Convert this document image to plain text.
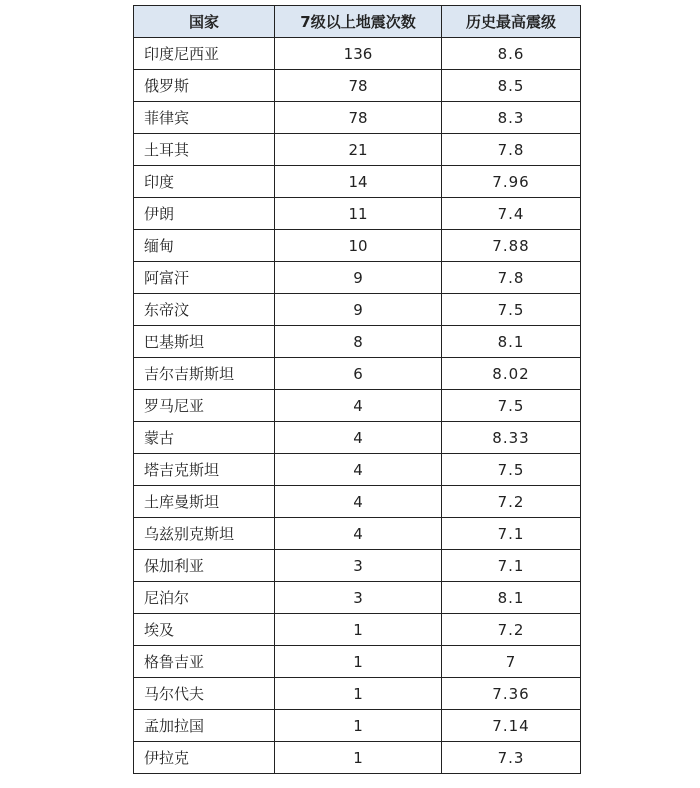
国家	7级以上地震次数	历史最高震级
印度尼西亚	136	8.6
俄罗斯	78	8.5
菲律宾	78	8.3
土耳其	21	7.8
印度	14	7.96
伊朗	11	7.4
缅甸	10	7.88
阿富汗	9	7.8
东帝汶	9	7.5
巴基斯坦	8	8.1
吉尔吉斯斯坦	6	8.02
罗马尼亚	4	7.5
蒙古	4	8.33
塔吉克斯坦	4	7.5
土库曼斯坦	4	7.2
乌兹别克斯坦	4	7.1
保加利亚	3	7.1
尼泊尔	3	8.1
埃及	1	7.2
格鲁吉亚	1	7
马尔代夫	1	7.36
孟加拉国	1	7.14
伊拉克	1	7.3
